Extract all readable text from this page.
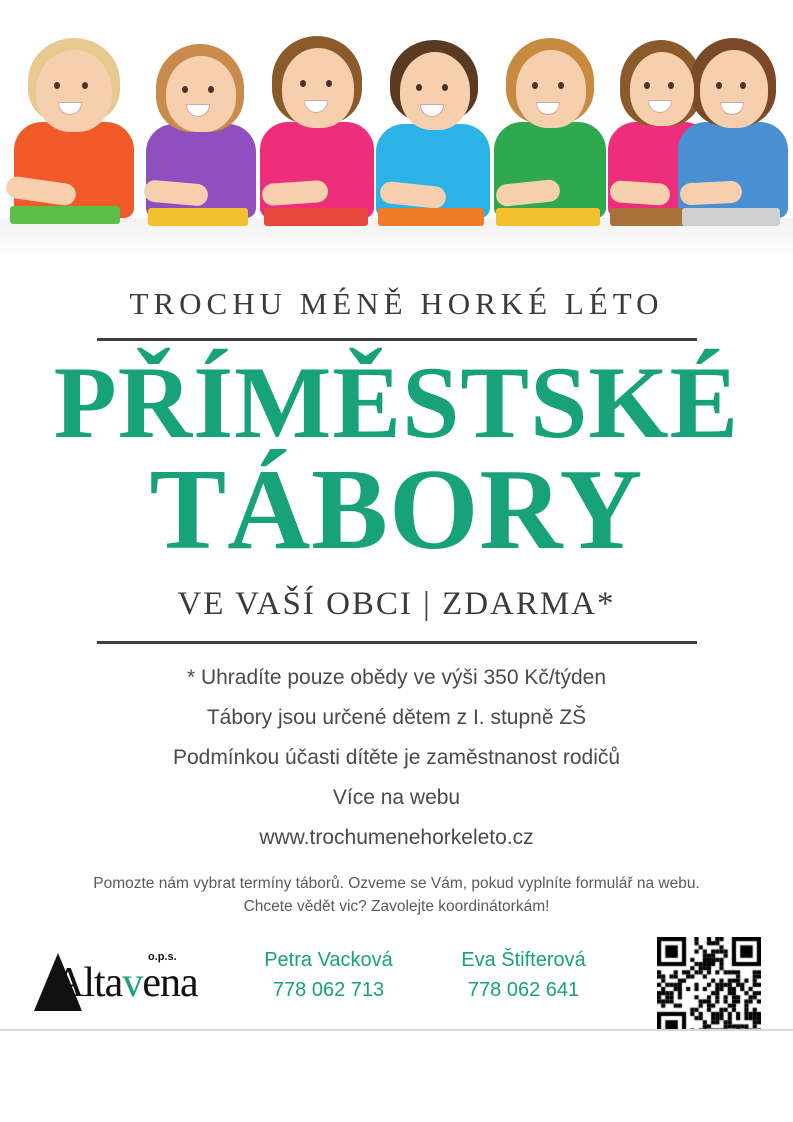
TROCHU MÉNĚ HORKÉ LÉTO
PŘÍMĚSTSKÉ
TÁBORY
VE VAŠÍ OBCI | ZDARMA*

* Uhradíte pouze obědy ve výši 350 Kč/týden

Tábory jsou určené dětem z I. stupně ZŠ

Podmínkou účasti dítěte je zaměstnanost rodičů

Více na webu

www.trochumenehorkeleto.cz

Pomozte nám vybrat termíny táborů. Ozveme se Vám, pokud vyplníte formulář na webu.
Chcete vědět vic? Zavolejte koordinátorkám!
Altavena
o.p.s.	Petra Vacková
778 062 713
Eva Štifterová
778 062 641
